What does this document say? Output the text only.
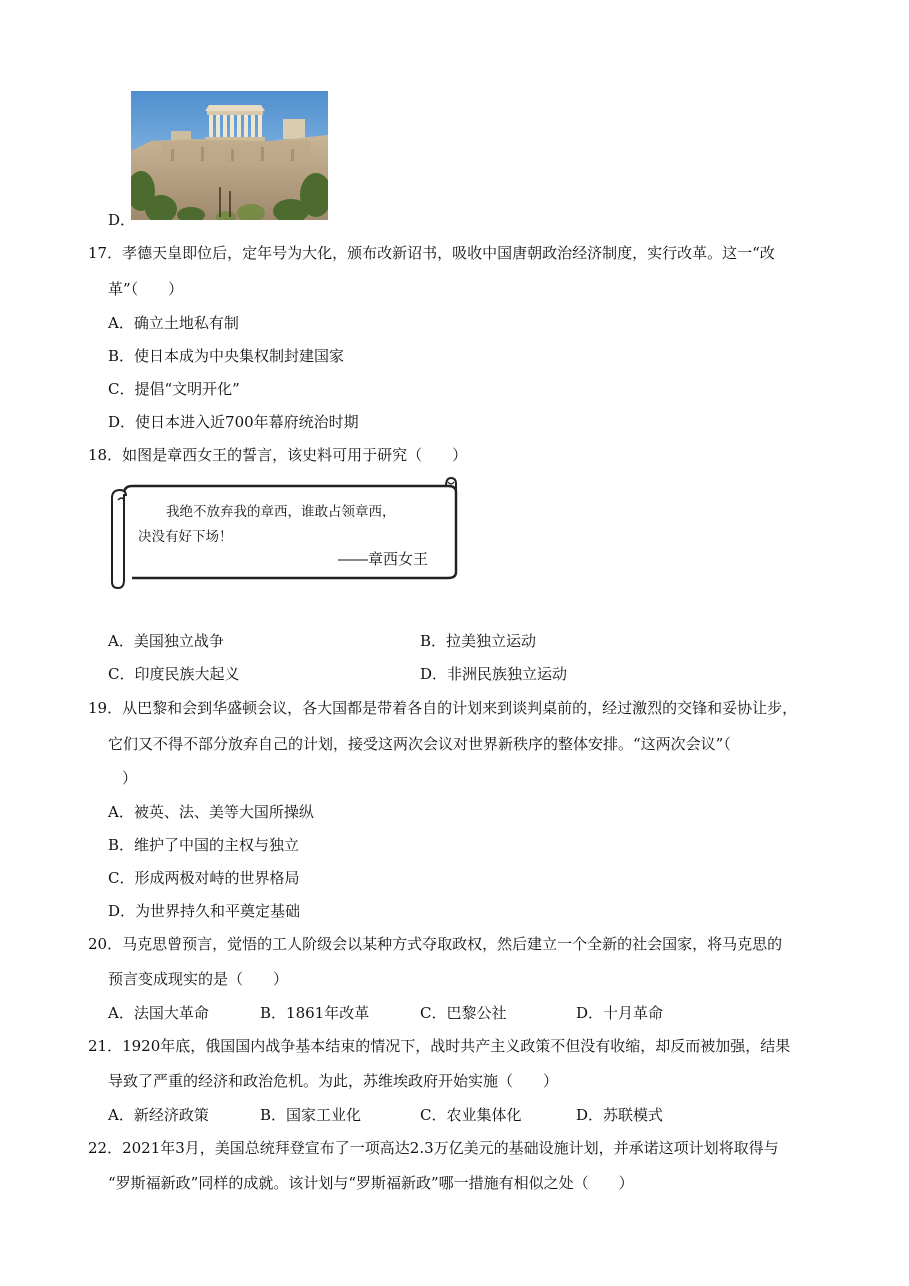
D．
17．孝德天皇即位后，定年号为大化，颁布改新诏书，吸收中国唐朝政治经济制度，实行改革。这一“改
革”（　　）
A．确立土地私有制
B．使日本成为中央集权制封建国家
C．提倡“文明开化”
D．使日本进入近700年幕府统治时期
18．如图是章西女王的誓言，该史料可用于研究（　　）
我绝不放弃我的章西，谁敢占领章西，
决没有好下场！
——章西女王
A．美国独立战争	B．拉美独立运动
C．印度民族大起义	D．非洲民族独立运动
19．从巴黎和会到华盛顿会议，各大国都是带着各自的计划来到谈判桌前的，经过激烈的交锋和妥协让步，
它们又不得不部分放弃自己的计划，接受这两次会议对世界新秩序的整体安排。“这两次会议”（
）
A．被英、法、美等大国所操纵
B．维护了中国的主权与独立
C．形成两极对峙的世界格局
D．为世界持久和平奠定基础
20．马克思曾预言，觉悟的工人阶级会以某种方式夺取政权，然后建立一个全新的社会国家，将马克思的
预言变成现实的是（　　）
A．法国大革命	B．1861年改革	C．巴黎公社	D．十月革命
21．1920年底，俄国国内战争基本结束的情况下，战时共产主义政策不但没有收缩，却反而被加强，结果
导致了严重的经济和政治危机。为此，苏维埃政府开始实施（　　）
A．新经济政策	B．国家工业化	C．农业集体化	D．苏联模式
22．2021年3月，美国总统拜登宣布了一项高达2.3万亿美元的基础设施计划，并承诺这项计划将取得与
“罗斯福新政”同样的成就。该计划与“罗斯福新政”哪一措施有相似之处（　　）
